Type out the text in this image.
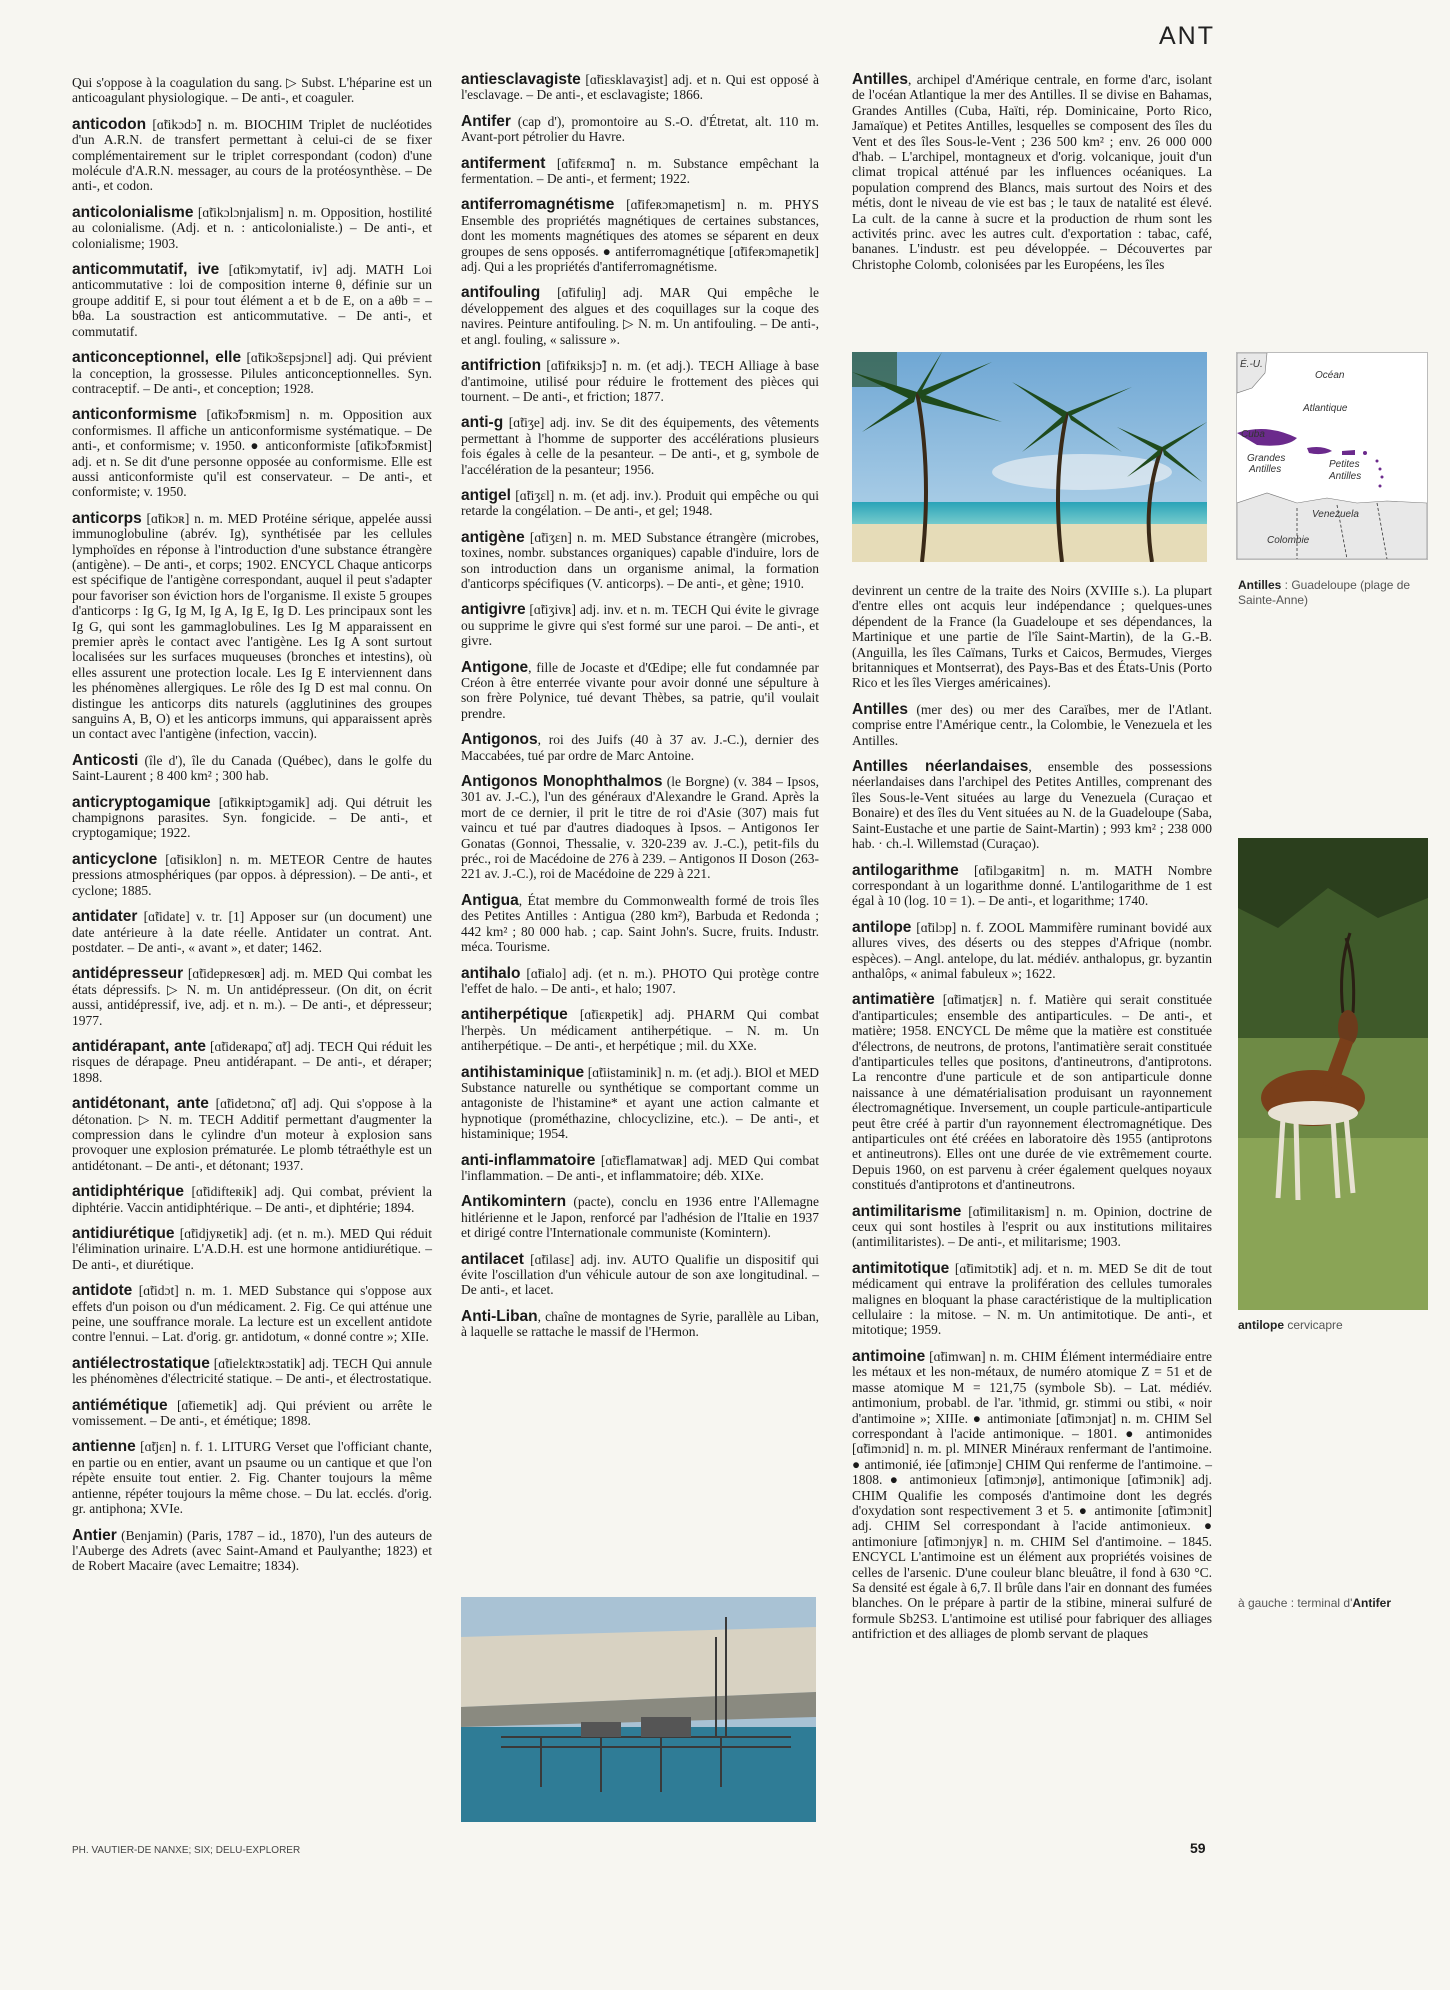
ANT

Qui s'oppose à la coagulation du sang. ▷ Subst. L'héparine est un anticoagulant physiologique. – De anti-, et coaguler.

anticodon [ɑ̃tikɔdɔ̃] n. m. BIOCHIM Triplet de nucléotides d'un A.R.N. de transfert permettant à celui-ci de se fixer complémentairement sur le triplet correspondant (codon) d'une molécule d'A.R.N. messager, au cours de la protéosynthèse. – De anti-, et codon.

anticolonialisme [ɑ̃tikɔlɔnjalism] n. m. Opposition, hostilité au colonialisme. (Adj. et n. : anticolonialiste.) – De anti-, et colonialisme; 1903.

anticommutatif, ive [ɑ̃tikɔmytatif, iv] adj. MATH Loi anticommutative : loi de composition interne θ, définie sur un groupe additif E, si pour tout élément a et b de E, on a aθb = – bθa. La soustraction est anticommutative. – De anti-, et commutatif.

anticonceptionnel, elle [ɑ̃tikɔ̃sɛpsjɔnɛl] adj. Qui prévient la conception, la grossesse. Pilules anticonceptionnelles. Syn. contraceptif. – De anti-, et conception; 1928.

anticonformisme [ɑ̃tikɔ̃fɔʀmism] n. m. Opposition aux conformismes. Il affiche un anticonformisme systématique. – De anti-, et conformisme; v. 1950. ● anticonformiste [ɑ̃tikɔ̃fɔʀmist] adj. et n. Se dit d'une personne opposée au conformisme. Elle est aussi anticonformiste qu'il est conservateur. – De anti-, et conformiste; v. 1950.

anticorps [ɑ̃tikɔʀ] n. m. MED Protéine sérique, appelée aussi immunoglobuline (abrév. Ig), synthétisée par les cellules lymphoïdes en réponse à l'introduction d'une substance étrangère (antigène). – De anti-, et corps; 1902. ENCYCL Chaque anticorps est spécifique de l'antigène correspondant, auquel il peut s'adapter pour favoriser son éviction hors de l'organisme. Il existe 5 groupes d'anticorps : Ig G, Ig M, Ig A, Ig E, Ig D. Les principaux sont les Ig G, qui sont les gammaglobulines. Les Ig M apparaissent en premier après le contact avec l'antigène. Les Ig A sont surtout localisées sur les surfaces muqueuses (bronches et intestins), où elles assurent une protection locale. Les Ig E interviennent dans les phénomènes allergiques. Le rôle des Ig D est mal connu. On distingue les anticorps dits naturels (agglutinines des groupes sanguins A, B, O) et les anticorps immuns, qui apparaissent après un contact avec l'antigène (infection, vaccin).

Anticosti (île d'), île du Canada (Québec), dans le golfe du Saint-Laurent ; 8 400 km² ; 300 hab.

anticryptogamique [ɑ̃tikʀiptɔgamik] adj. Qui détruit les champignons parasites. Syn. fongicide. – De anti-, et cryptogamique; 1922.

anticyclone [ɑ̃tisiklon] n. m. METEOR Centre de hautes pressions atmosphériques (par oppos. à dépression). – De anti-, et cyclone; 1885.

antidater [ɑ̃tidate] v. tr. [1] Apposer sur (un document) une date antérieure à la date réelle. Antidater un contrat. Ant. postdater. – De anti-, « avant », et dater; 1462.

antidépresseur [ɑ̃tidepʀesœʀ] adj. m. MED Qui combat les états dépressifs. ▷ N. m. Un antidépresseur. (On dit, on écrit aussi, antidépressif, ive, adj. et n. m.). – De anti-, et dépresseur; 1977.

antidérapant, ante [ɑ̃tideʀapɑ̃, ɑ̃t] adj. TECH Qui réduit les risques de dérapage. Pneu antidérapant. – De anti-, et déraper; 1898.

antidétonant, ante [ɑ̃tidetɔnɑ̃, ɑ̃t] adj. Qui s'oppose à la détonation. ▷ N. m. TECH Additif permettant d'augmenter la compression dans le cylindre d'un moteur à explosion sans provoquer une explosion prématurée. Le plomb tétraéthyle est un antidétonant. – De anti-, et détonant; 1937.

antidiphtérique [ɑ̃tidifteʀik] adj. Qui combat, prévient la diphtérie. Vaccin antidiphtérique. – De anti-, et diphtérie; 1894.

antidiurétique [ɑ̃tidjyʀetik] adj. (et n. m.). MED Qui réduit l'élimination urinaire. L'A.D.H. est une hormone antidiurétique. – De anti-, et diurétique.

antidote [ɑ̃tidɔt] n. m. 1. MED Substance qui s'oppose aux effets d'un poison ou d'un médicament. 2. Fig. Ce qui atténue une peine, une souffrance morale. La lecture est un excellent antidote contre l'ennui. – Lat. d'orig. gr. antidotum, « donné contre »; XIIe.

antiélectrostatique [ɑ̃tielɛktʀɔstatik] adj. TECH Qui annule les phénomènes d'électricité statique. – De anti-, et électrostatique.

antiémétique [ɑ̃tiemetik] adj. Qui prévient ou arrête le vomissement. – De anti-, et émétique; 1898.

antienne [ɑ̃tjɛn] n. f. 1. LITURG Verset que l'officiant chante, en partie ou en entier, avant un psaume ou un cantique et que l'on répète ensuite tout entier. 2. Fig. Chanter toujours la même antienne, répéter toujours la même chose. – Du lat. ecclés. d'orig. gr. antiphona; XVIe.

Antier (Benjamin) (Paris, 1787 – id., 1870), l'un des auteurs de l'Auberge des Adrets (avec Saint-Amand et Paulyanthe; 1823) et de Robert Macaire (avec Lemaitre; 1834).

antiesclavagiste [ɑ̃tiɛsklavaʒist] adj. et n. Qui est opposé à l'esclavage. – De anti-, et esclavagiste; 1866.

Antifer (cap d'), promontoire au S.-O. d'Étretat, alt. 110 m. Avant-port pétrolier du Havre.

antiferment [ɑ̃tifɛʀmɑ̃] n. m. Substance empêchant la fermentation. – De anti-, et ferment; 1922.

antiferromagnétisme [ɑ̃tifeʀɔmaɲetism] n. m. PHYS Ensemble des propriétés magnétiques de certaines substances, dont les moments magnétiques des atomes se séparent en deux groupes de sens opposés. ● antiferromagnétique [ɑ̃tifeʀɔmaɲetik] adj. Qui a les propriétés d'antiferromagnétisme.

antifouling [ɑ̃tifuliŋ] adj. MAR Qui empêche le développement des algues et des coquillages sur la coque des navires. Peinture antifouling. ▷ N. m. Un antifouling. – De anti-, et angl. fouling, « salissure ».

antifriction [ɑ̃tifʀiksjɔ̃] n. m. (et adj.). TECH Alliage à base d'antimoine, utilisé pour réduire le frottement des pièces qui tournent. – De anti-, et friction; 1877.

anti-g [ɑ̃tiʒe] adj. inv. Se dit des équipements, des vêtements permettant à l'homme de supporter des accélérations plusieurs fois égales à celle de la pesanteur. – De anti-, et g, symbole de l'accélération de la pesanteur; 1956.

antigel [ɑ̃tiʒɛl] n. m. (et adj. inv.). Produit qui empêche ou qui retarde la congélation. – De anti-, et gel; 1948.

antigène [ɑ̃tiʒɛn] n. m. MED Substance étrangère (microbes, toxines, nombr. substances organiques) capable d'induire, lors de son introduction dans un organisme animal, la formation d'anticorps spécifiques (V. anticorps). – De anti-, et gène; 1910.

antigivre [ɑ̃tiʒivʀ] adj. inv. et n. m. TECH Qui évite le givrage ou supprime le givre qui s'est formé sur une paroi. – De anti-, et givre.

Antigone, fille de Jocaste et d'Œdipe; elle fut condamnée par Créon à être enterrée vivante pour avoir donné une sépulture à son frère Polynice, tué devant Thèbes, sa patrie, qu'il voulait prendre.

Antigonos, roi des Juifs (40 à 37 av. J.-C.), dernier des Maccabées, tué par ordre de Marc Antoine.

Antigonos Monophthalmos (le Borgne) (v. 384 – Ipsos, 301 av. J.-C.), l'un des généraux d'Alexandre le Grand. Après la mort de ce dernier, il prit le titre de roi d'Asie (307) mais fut vaincu et tué par d'autres diadoques à Ipsos. – Antigonos Ier Gonatas (Gonnoi, Thessalie, v. 320-239 av. J.-C.), petit-fils du préc., roi de Macédoine de 276 à 239. – Antigonos II Doson (263-221 av. J.-C.), roi de Macédoine de 229 à 221.

Antigua, État membre du Commonwealth formé de trois îles des Petites Antilles : Antigua (280 km²), Barbuda et Redonda ; 442 km² ; 80 000 hab. ; cap. Saint John's. Sucre, fruits. Industr. méca. Tourisme.

antihalo [ɑ̃tialo] adj. (et n. m.). PHOTO Qui protège contre l'effet de halo. – De anti-, et halo; 1907.

antiherpétique [ɑ̃tiɛʀpetik] adj. PHARM Qui combat l'herpès. Un médicament antiherpétique. – N. m. Un antiherpétique. – De anti-, et herpétique ; mil. du XXe.

antihistaminique [ɑ̃tiistaminik] n. m. (et adj.). BIOl et MED Substance naturelle ou synthétique se comportant comme un antagoniste de l'histamine* et ayant une action calmante et hypnotique (prométhazine, chlocyclizine, etc.). – De anti-, et histaminique; 1954.

anti-inflammatoire [ɑ̃tiɛ̃flamatwaʀ] adj. MED Qui combat l'inflammation. – De anti-, et inflammatoire; déb. XIXe.

Antikomintern (pacte), conclu en 1936 entre l'Allemagne hitlérienne et le Japon, renforcé par l'adhésion de l'Italie en 1937 et dirigé contre l'Internationale communiste (Komintern).

antilacet [ɑ̃tilasɛ] adj. inv. AUTO Qualifie un dispositif qui évite l'oscillation d'un véhicule autour de son axe longitudinal. – De anti-, et lacet.

Anti-Liban, chaîne de montagnes de Syrie, parallèle au Liban, à laquelle se rattache le massif de l'Hermon.

Antilles, archipel d'Amérique centrale, en forme d'arc, isolant de l'océan Atlantique la mer des Antilles. Il se divise en Bahamas, Grandes Antilles (Cuba, Haïti, rép. Dominicaine, Porto Rico, Jamaïque) et Petites Antilles, lesquelles se composent des îles du Vent et des îles Sous-le-Vent ; 236 500 km² ; env. 26 000 000 d'hab. – L'archipel, montagneux et d'orig. volcanique, jouit d'un climat tropical atténué par les influences océaniques. La population comprend des Blancs, mais surtout des Noirs et des métis, dont le niveau de vie est bas ; le taux de natalité est élevé. La cult. de la canne à sucre et la production de rhum sont les activités princ. avec les autres cult. d'exportation : tabac, café, bananes. L'industr. est peu développée. – Découvertes par Christophe Colomb, colonisées par les Européens, les îles

devinrent un centre de la traite des Noirs (XVIIIe s.). La plupart d'entre elles ont acquis leur indépendance ; quelques-unes dépendent de la France (la Guadeloupe et ses dépendances, la Martinique et une partie de l'île Saint-Martin), de la G.-B. (Anguilla, les îles Caïmans, Turks et Caicos, Bermudes, Vierges britanniques et Montserrat), des Pays-Bas et des États-Unis (Porto Rico et les îles Vierges américaines).

Antilles (mer des) ou mer des Caraïbes, mer de l'Atlant. comprise entre l'Amérique centr., la Colombie, le Venezuela et les Antilles.

Antilles néerlandaises, ensemble des possessions néerlandaises dans l'archipel des Petites Antilles, comprenant des îles Sous-le-Vent situées au large du Venezuela (Curaçao et Bonaire) et des îles du Vent situées au N. de la Guadeloupe (Saba, Saint-Eustache et une partie de Saint-Martin) ; 993 km² ; 238 000 hab. · ch.-l. Willemstad (Curaçao).

antilogarithme [ɑ̃tilɔgaʀitm] n. m. MATH Nombre correspondant à un logarithme donné. L'antilogarithme de 1 est égal à 10 (log. 10 = 1). – De anti-, et logarithme; 1740.

antilope [ɑ̃tilɔp] n. f. ZOOL Mammifère ruminant bovidé aux allures vives, des déserts ou des steppes d'Afrique (nombr. espèces). – Angl. antelope, du lat. médiév. anthalopus, gr. byzantin anthalôps, « animal fabuleux »; 1622.

antimatière [ɑ̃timatjɛʀ] n. f. Matière qui serait constituée d'antiparticules; ensemble des antiparticules. – De anti-, et matière; 1958. ENCYCL De même que la matière est constituée d'électrons, de neutrons, de protons, l'antimatière serait constituée d'antiparticules telles que positons, d'antineutrons, d'antiprotons. La rencontre d'une particule et de son antiparticule donne naissance à une dématérialisation produisant un rayonnement électromagnétique. Inversement, un couple particule-antiparticule peut être créé à partir d'un rayonnement électromagnétique. Des antiparticules ont été créées en laboratoire dès 1955 (antiprotons et antineutrons). Elles ont une durée de vie extrêmement courte. Depuis 1960, on est parvenu à créer également quelques noyaux constitués d'antiprotons et d'antineutrons.

antimilitarisme [ɑ̃timilitaʀism] n. m. Opinion, doctrine de ceux qui sont hostiles à l'esprit ou aux institutions militaires (antimilitaristes). – De anti-, et militarisme; 1903.

antimitotique [ɑ̃timitɔtik] adj. et n. m. MED Se dit de tout médicament qui entrave la prolifération des cellules tumorales malignes en bloquant la phase caractéristique de la multiplication cellulaire : la mitose. – N. m. Un antimitotique. De anti-, et mitotique; 1959.

antimoine [ɑ̃timwan] n. m. CHIM Élément intermédiaire entre les métaux et les non-métaux, de numéro atomique Z = 51 et de masse atomique M = 121,75 (symbole Sb). – Lat. médiév. antimonium, probabl. de l'ar. 'ithmid, gr. stimmi ou stibi, « noir d'antimoine »; XIIIe. ● antimoniate [ɑ̃timɔnjat] n. m. CHIM Sel correspondant à l'acide antimonique. – 1801. ● antimonides [ɑ̃timɔnid] n. m. pl. MINER Minéraux renfermant de l'antimoine. ● antimonié, iée [ɑ̃timɔnje] CHIM Qui renferme de l'antimoine. – 1808. ● antimonieux [ɑ̃timɔnjø], antimonique [ɑ̃timɔnik] adj. CHIM Qualifie les composés d'antimoine dont les degrés d'oxydation sont respectivement 3 et 5. ● antimonite [ɑ̃timɔnit] adj. CHIM Sel correspondant à l'acide antimonieux. ● antimoniure [ɑ̃timɔnjyʀ] n. m. CHIM Sel d'antimoine. – 1845. ENCYCL L'antimoine est un élément aux propriétés voisines de celles de l'arsenic. D'une couleur blanc bleuâtre, il fond à 630 °C. Sa densité est égale à 6,7. Il brûle dans l'air en donnant des fumées blanches. On le prépare à partir de la stibine, minerai sulfuré de formule Sb2S3. L'antimoine est utilisé pour fabriquer des alliages antifriction et des alliages de plomb servant de plaques

É.-U.
Océan
Atlantique
Cuba
Grandes
Antilles	Petites
Antilles
Venezuela
Colombie
Antilles : Guadeloupe (plage de Sainte-Anne)
antilope cervicapre
à gauche : terminal d'Antifer
PH. VAUTIER-DE NANXE; SIX; DELU-EXPLORER	59
